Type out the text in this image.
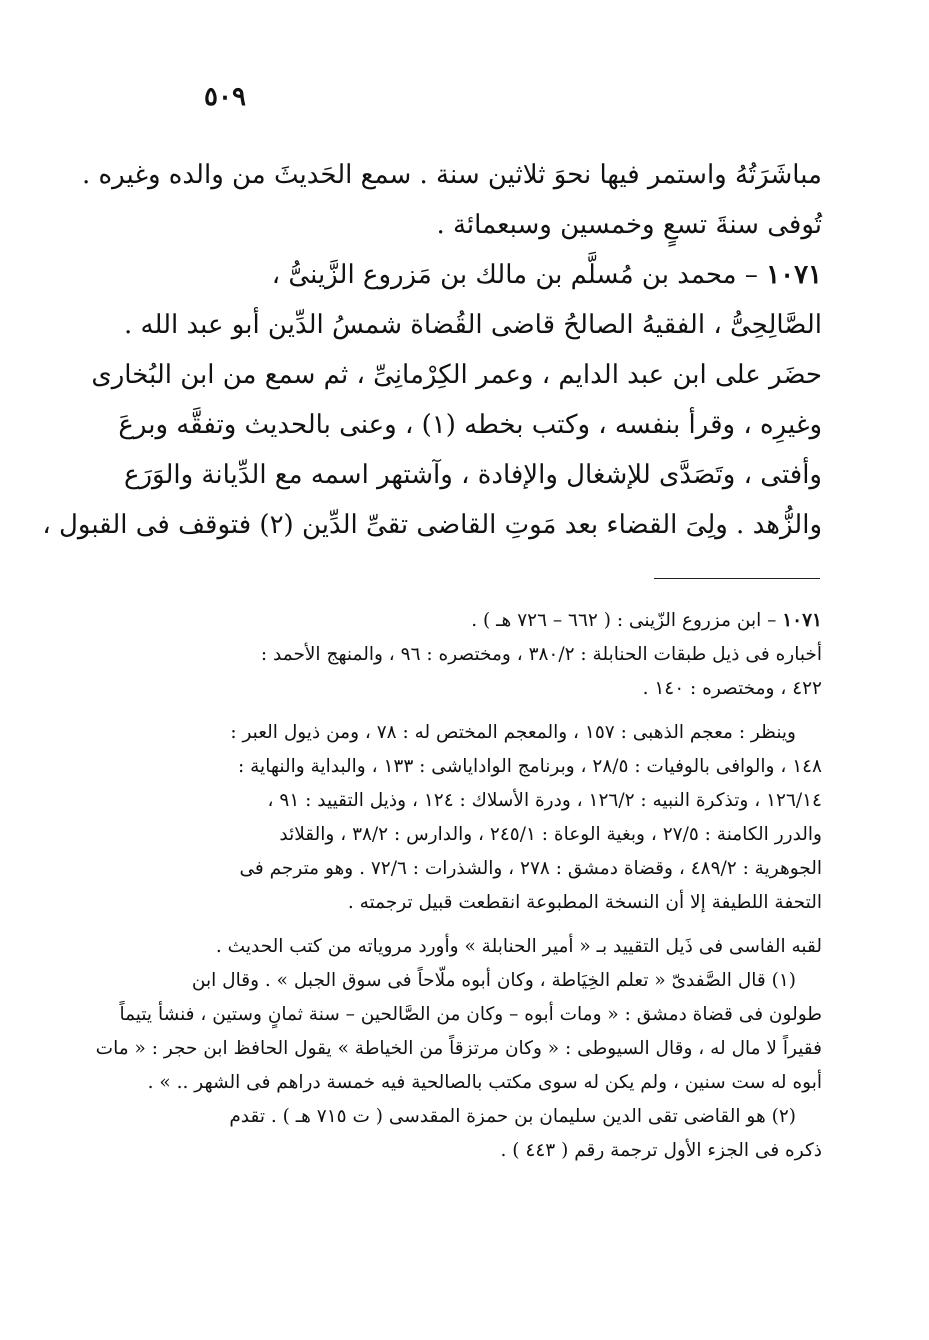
٥٠٩
مباشَرَتُهُ واستمر فيها نحوَ ثلاثين سنة . سمع الحَديثَ من والده وغيره .
تُوفى سنةَ تسعٍ وخمسين وسبعمائة .
١٠٧١ – محمد بن مُسلَّم بن مالك بن مَزروع الزَّينىُّ ،
الصَّالِحِىُّ ، الفقيهُ الصالحُ قاضى القُضاة شمسُ الدِّين أبو عبد الله .
حضَر على ابن عبد الدايم ، وعمر الكِرْمانِىِّ ، ثم سمع من ابن البُخارى
وغيرِه ، وقرأ بنفسه ، وكتب بخطه (١) ، وعنى بالحديث وتفقَّه وبرعَ
وأفتى ، وتَصَدَّى للإشغال والإفادة ، وآشتهر اسمه مع الدِّيانة والوَرَع
والزُّهد . ولِىَ القضاء بعد مَوتِ القاضى تقىِّ الدِّين (٢) فتوقف فى القبول ،
١٠٧١ – ابن مزروع الزّينى : ( ٦٦٢ – ٧٢٦ هـ ) .
أخباره فى ذيل طبقات الحنابلة : ٣٨٠/٢ ، ومختصره : ٩٦ ، والمنهج الأحمد :
٤٢٢ ، ومختصره : ١٤٠ .
وينظر : معجم الذهبى : ١٥٧ ، والمعجم المختص له : ٧٨ ، ومن ذيول العبر :
١٤٨ ، والوافى بالوفيات : ٢٨/٥ ، وبرنامج الواداياشى : ١٣٣ ، والبداية والنهاية :
١٢٦/١٤ ، وتذكرة النبيه : ١٢٦/٢ ، ودرة الأسلاك : ١٢٤ ، وذيل التقييد : ٩١ ،
والدرر الكامنة : ٢٧/٥ ، وبغية الوعاة : ٢٤٥/١ ، والدارس : ٣٨/٢ ، والقلائد
الجوهرية : ٤٨٩/٢ ، وقضاة دمشق : ٢٧٨ ، والشذرات : ٧٢/٦ . وهو مترجم فى
التحفة اللطيفة إلا أن النسخة المطبوعة انقطعت قبيل ترجمته .
لقبه الفاسى فى ذَيل التقييد بـ « أمير الحنابلة » وأورد مروياته من كتب الحديث .
(١) قال الصَّفدىّ « تعلم الخِيَاطة ، وكان أبوه ملّاحاً فى سوق الجبل » . وقال ابن
طولون فى قضاة دمشق : « ومات أبوه – وكان من الصَّالحين – سنة ثمانٍ وستين ، فنشأ يتيماً
فقيراً لا مال له ، وقال السيوطى : « وكان مرتزقاً من الخياطة » يقول الحافظ ابن حجر : « مات
أبوه له ست سنين ، ولم يكن له سوى مكتب بالصالحية فيه خمسة دراهم فى الشهر .. » .
(٢) هو القاضى تقى الدين سليمان بن حمزة المقدسى ( ت ٧١٥ هـ ) . تقدم
ذكره فى الجزء الأول ترجمة رقم ( ٤٤٣ ) .
